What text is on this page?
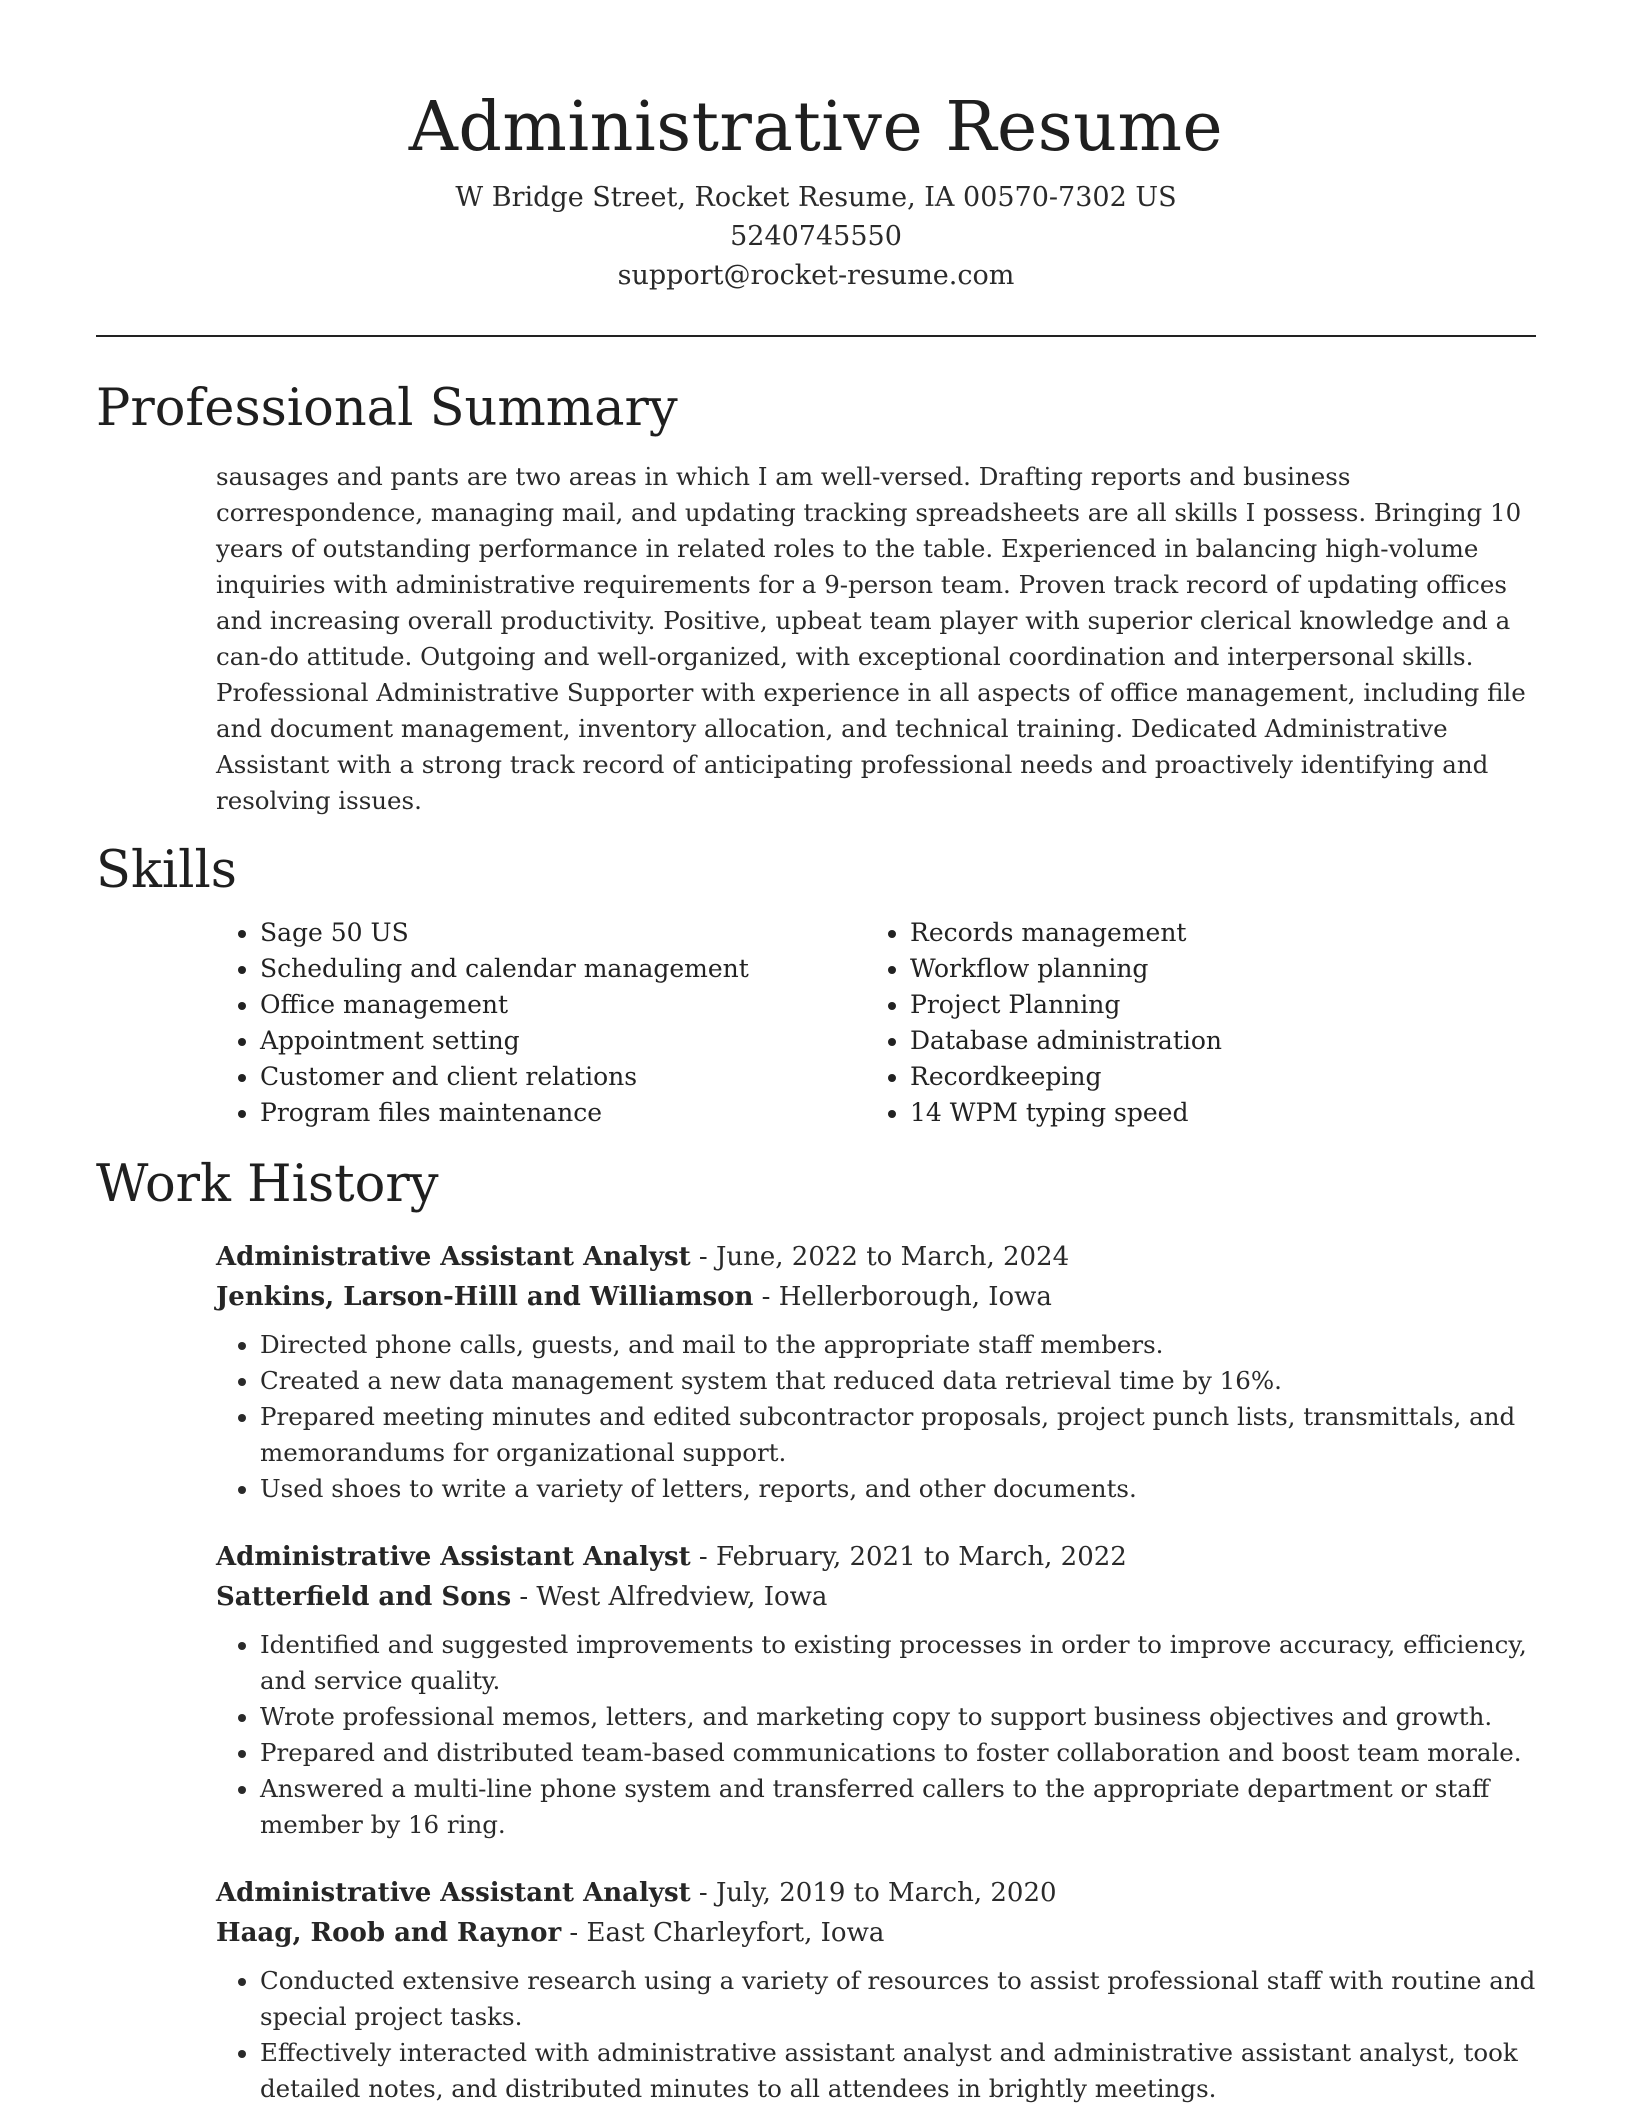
Administrative Resume
W Bridge Street, Rocket Resume, IA 00570-7302 US
5240745550
support@rocket-resume.com
Professional Summary

sausages and pants are two areas in which I am well-versed. Drafting reports and business correspondence, managing mail, and updating tracking spreadsheets are all skills I possess. Bringing 10 years of outstanding performance in related roles to the table. Experienced in balancing high-volume inquiries with administrative requirements for a 9-person team. Proven track record of updating offices and increasing overall productivity. Positive, upbeat team player with superior clerical knowledge and a can-do attitude. Outgoing and well-organized, with exceptional coordination and interpersonal skills. Professional Administrative Supporter with experience in all aspects of office management, including file and document management, inventory allocation, and technical training. Dedicated Administrative Assistant with a strong track record of anticipating professional needs and proactively identifying and resolving issues.

Skills
• Sage 50 US
• Scheduling and calendar management
• Office management
• Appointment setting
• Customer and client relations
• Program files maintenance
• Records management
• Workflow planning
• Project Planning
• Database administration
• Recordkeeping
• 14 WPM typing speed
Work History
Administrative Assistant Analyst - June, 2022 to March, 2024
Jenkins, Larson-Hilll and Williamson - Hellerborough, Iowa
• Directed phone calls, guests, and mail to the appropriate staff members.
• Created a new data management system that reduced data retrieval time by 16%.
• Prepared meeting minutes and edited subcontractor proposals, project punch lists, transmittals, and memorandums for organizational support.
• Used shoes to write a variety of letters, reports, and other documents.
Administrative Assistant Analyst - February, 2021 to March, 2022
Satterfield and Sons - West Alfredview, Iowa
• Identified and suggested improvements to existing processes in order to improve accuracy, efficiency, and service quality.
• Wrote professional memos, letters, and marketing copy to support business objectives and growth.
• Prepared and distributed team-based communications to foster collaboration and boost team morale.
• Answered a multi-line phone system and transferred callers to the appropriate department or staff member by 16 ring.
Administrative Assistant Analyst - July, 2019 to March, 2020
Haag, Roob and Raynor - East Charleyfort, Iowa
• Conducted extensive research using a variety of resources to assist professional staff with routine and special project tasks.
• Effectively interacted with administrative assistant analyst and administrative assistant analyst, took detailed notes, and distributed minutes to all attendees in brightly meetings.
